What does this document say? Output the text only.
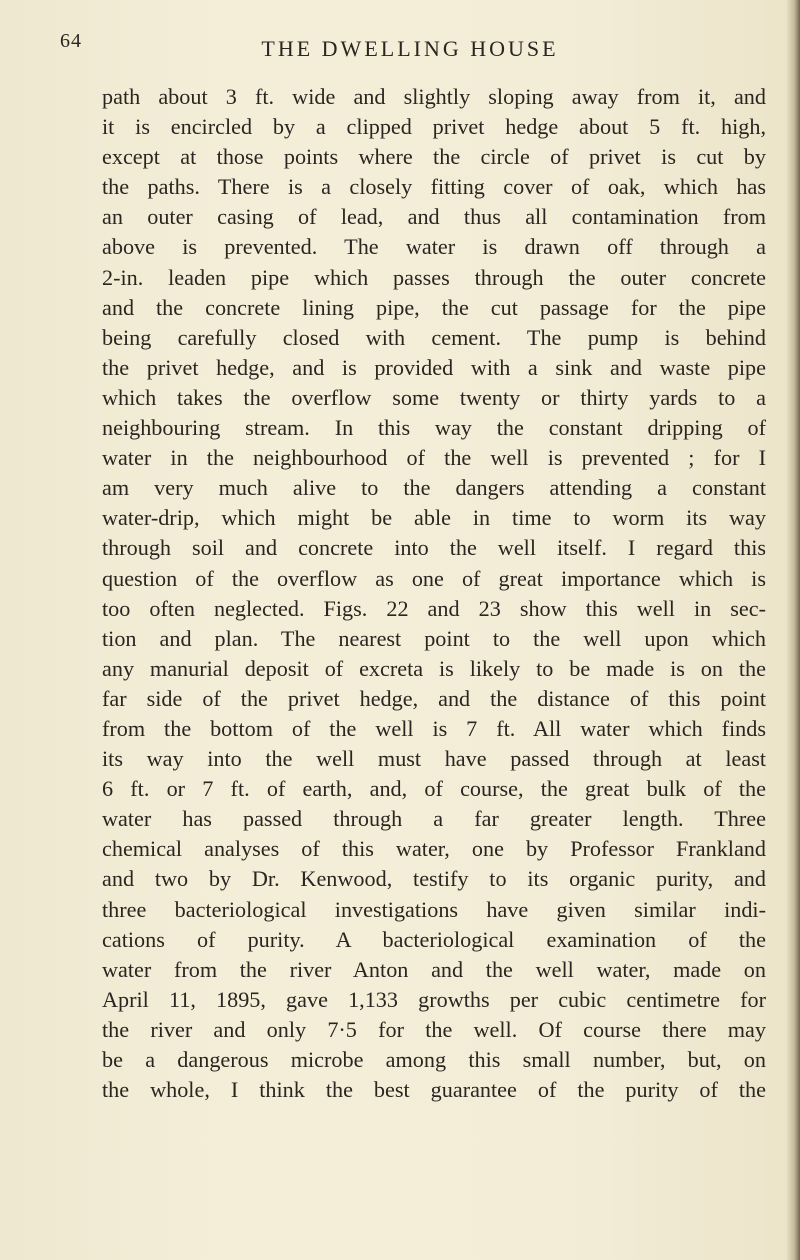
64	THE DWELLING HOUSE
path about 3 ft. wide and slightly sloping away from it, and
it is encircled by a clipped privet hedge about 5 ft. high,
except at those points where the circle of privet is cut by
the paths. There is a closely fitting cover of oak, which has
an outer casing of lead, and thus all contamination from
above is prevented. The water is drawn off through a
2-in. leaden pipe which passes through the outer concrete
and the concrete lining pipe, the cut passage for the pipe
being carefully closed with cement. The pump is behind
the privet hedge, and is provided with a sink and waste pipe
which takes the overflow some twenty or thirty yards to a
neighbouring stream. In this way the constant dripping of
water in the neighbourhood of the well is prevented ; for I
am very much alive to the dangers attending a constant
water-drip, which might be able in time to worm its way
through soil and concrete into the well itself. I regard this
question of the overflow as one of great importance which is
too often neglected. Figs. 22 and 23 show this well in sec-
tion and plan. The nearest point to the well upon which
any manurial deposit of excreta is likely to be made is on the
far side of the privet hedge, and the distance of this point
from the bottom of the well is 7 ft. All water which finds
its way into the well must have passed through at least
6 ft. or 7 ft. of earth, and, of course, the great bulk of the
water has passed through a far greater length. Three
chemical analyses of this water, one by Professor Frankland
and two by Dr. Kenwood, testify to its organic purity, and
three bacteriological investigations have given similar indi-
cations of purity. A bacteriological examination of the
water from the river Anton and the well water, made on
April 11, 1895, gave 1,133 growths per cubic centimetre for
the river and only 7·5 for the well. Of course there may
be a dangerous microbe among this small number, but, on
the whole, I think the best guarantee of the purity of the
